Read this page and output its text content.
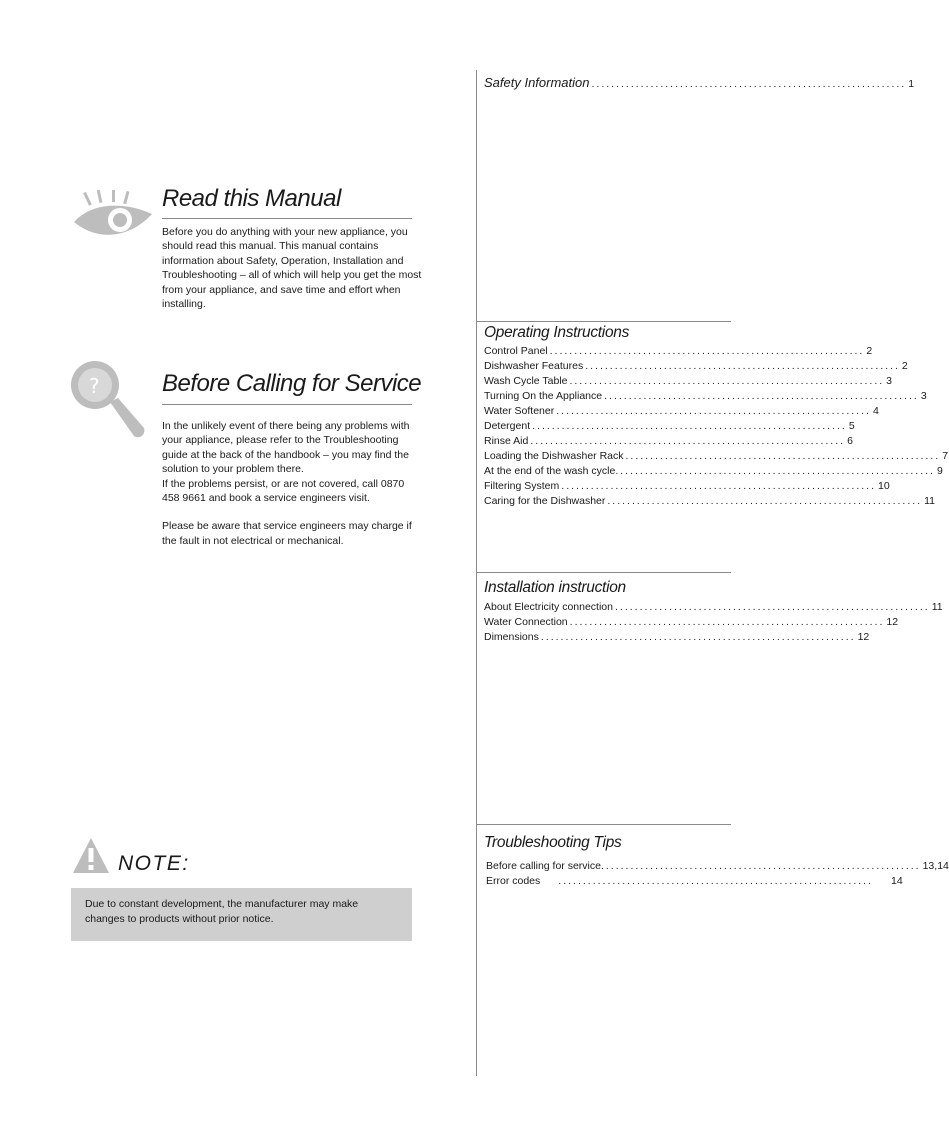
Read this Manual

Before you do anything with your new appliance, you should read this manual. This manual contains information about Safety, Operation, Installation and Troubleshooting – all of which will help you get the most from your appliance, and save time and effort when installing.

?	Before Calling for Service

In the unlikely event of there being any problems with your appliance, please refer to the Troubleshooting guide at the back of the handbook – you may find the solution to your problem there.

If the problems persist, or are not covered, call 0870 458 9661 and book a service engineers visit.

Please be aware that service engineers may charge if the fault in not electrical or mechanical.

NOTE:
Due to constant development, the manufacturer may make changes to products without prior notice.
Safety Information ................................................................ 1
Operating Instructions
Control Panel ................................................................ 2
Dishwasher Features ................................................................ 2
Wash Cycle Table ................................................................ 3
Turning On the Appliance ................................................................ 3
Water Softener ................................................................ 4
Detergent ................................................................ 5
Rinse Aid ................................................................ 6
Loading the Dishwasher Rack ................................................................ 7
At the end of the wash cycle. ................................................................ 9
Filtering System ................................................................ 10
Caring for the Dishwasher ................................................................ 11
Installation instruction
About Electricity connection ................................................................ 11
Water Connection ................................................................ 12
Dimensions ................................................................ 12
Troubleshooting Tips
Before calling for service. ................................................................ 13,14
Error codes ................................................................ 14
